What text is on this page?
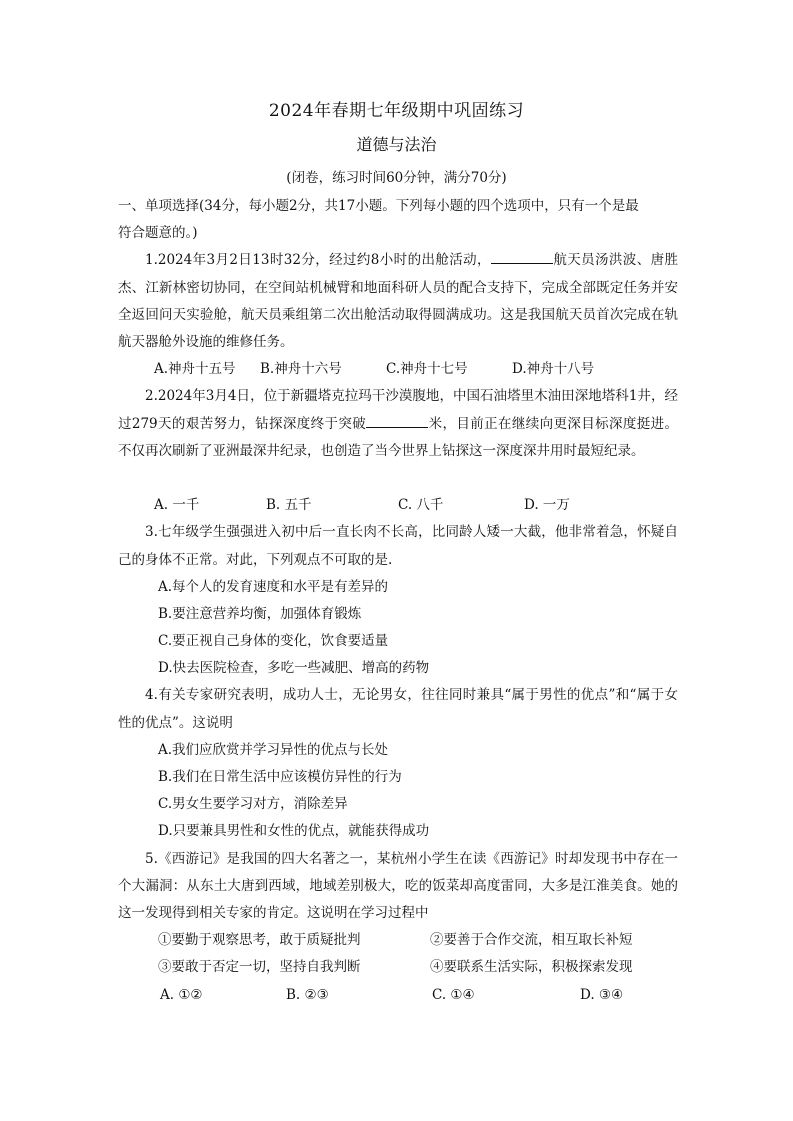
2024年春期七年级期中巩固练习
道德与法治
(闭卷，练习时间60分钟，满分70分)
一、单项选择(34分，每小题2分，共17小题。下列每小题的四个选项中，只有一个是最
符合题意的。)
1.2024年3月2日13时32分，经过约8小时的出舱活动，	航天员汤洪波、唐胜杰、江新林密切协同，在空间站机械臂和地面科研人员的配合支持下，完成全部既定任务并安全返回问天实验舱，航天员乘组第二次出舱活动取得圆满成功。这是我国航天员首次完成在轨航天器舱外设施的维修任务。
A.神舟十五号	B.神舟十六号	C.神舟十七号	D.神舟十八号
2.2024年3月4日，位于新疆塔克拉玛干沙漠腹地，中国石油塔里木油田深地塔科1井，经过279天的艰苦努力，钻探深度终于突破	米，目前正在继续向更深目标深度挺进。不仅再次刷新了亚洲最深井纪录，也创造了当今世界上钻探这一深度深井用时最短纪录。
A. 一千	B. 五千	C. 八千	D. 一万
3.七年级学生强强进入初中后一直长肉不长高，比同龄人矮一大截，他非常着急，怀疑自己的身体不正常。对此，下列观点不可取的是.
A.每个人的发育速度和水平是有差异的
B.要注意营养均衡，加强体育锻炼
C.要正视自己身体的变化，饮食要适量
D.快去医院检查，多吃一些减肥、增高的药物
4.有关专家研究表明，成功人士，无论男女，往往同时兼具“属于男性的优点”和“属于女性的优点”。这说明
A.我们应欣赏并学习异性的优点与长处
B.我们在日常生活中应该模仿异性的行为
C.男女生要学习对方，消除差异
D.只要兼具男性和女性的优点，就能获得成功
5.《西游记》是我国的四大名著之一，某杭州小学生在读《西游记》时却发现书中存在一个大漏洞：从东土大唐到西域，地域差别极大，吃的饭菜却高度雷同，大多是江淮美食。她的这一发现得到相关专家的肯定。这说明在学习过程中
①要勤于观察思考，敢于质疑批判	②要善于合作交流，相互取长补短
③要敢于否定一切，坚持自我判断	④要联系生活实际，积极探索发现
A. ①②	B. ②③	C. ①④	D. ③④
